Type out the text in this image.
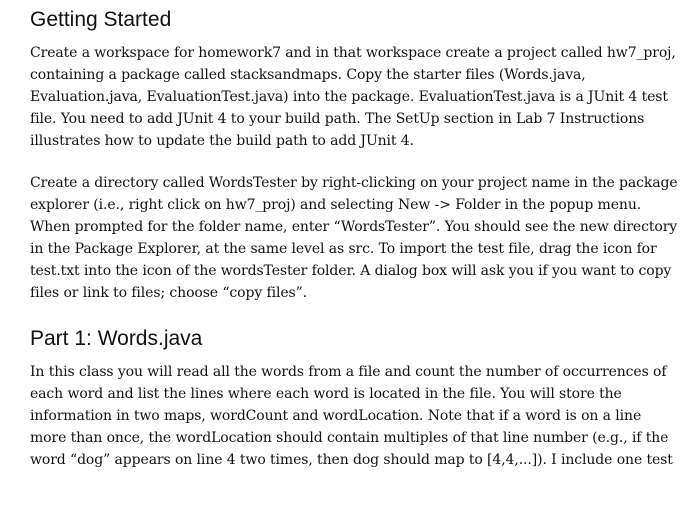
Getting Started

Create a workspace for homework7 and in that workspace create a project called hw7_proj,
containing a package called stacksandmaps. Copy the starter files (Words.java,
Evaluation.java, EvaluationTest.java) into the package. EvaluationTest.java is a JUnit 4 test
file. You need to add JUnit 4 to your build path. The SetUp section in Lab 7 Instructions
illustrates how to update the build path to add JUnit 4.

Create a directory called WordsTester by right-clicking on your project name in the package
explorer (i.e., right click on hw7_proj) and selecting New -> Folder in the popup menu.
When prompted for the folder name, enter “WordsTester”. You should see the new directory
in the Package Explorer, at the same level as src. To import the test file, drag the icon for
test.txt into the icon of the wordsTester folder. A dialog box will ask you if you want to copy
files or link to files; choose “copy files”.

Part 1: Words.java

In this class you will read all the words from a file and count the number of occurrences of
each word and list the lines where each word is located in the file. You will store the
information in two maps, wordCount and wordLocation. Note that if a word is on a line
more than once, the wordLocation should contain multiples of that line number (e.g., if the
word “dog” appears on line 4 two times, then dog should map to [4,4,...]). I include one test
